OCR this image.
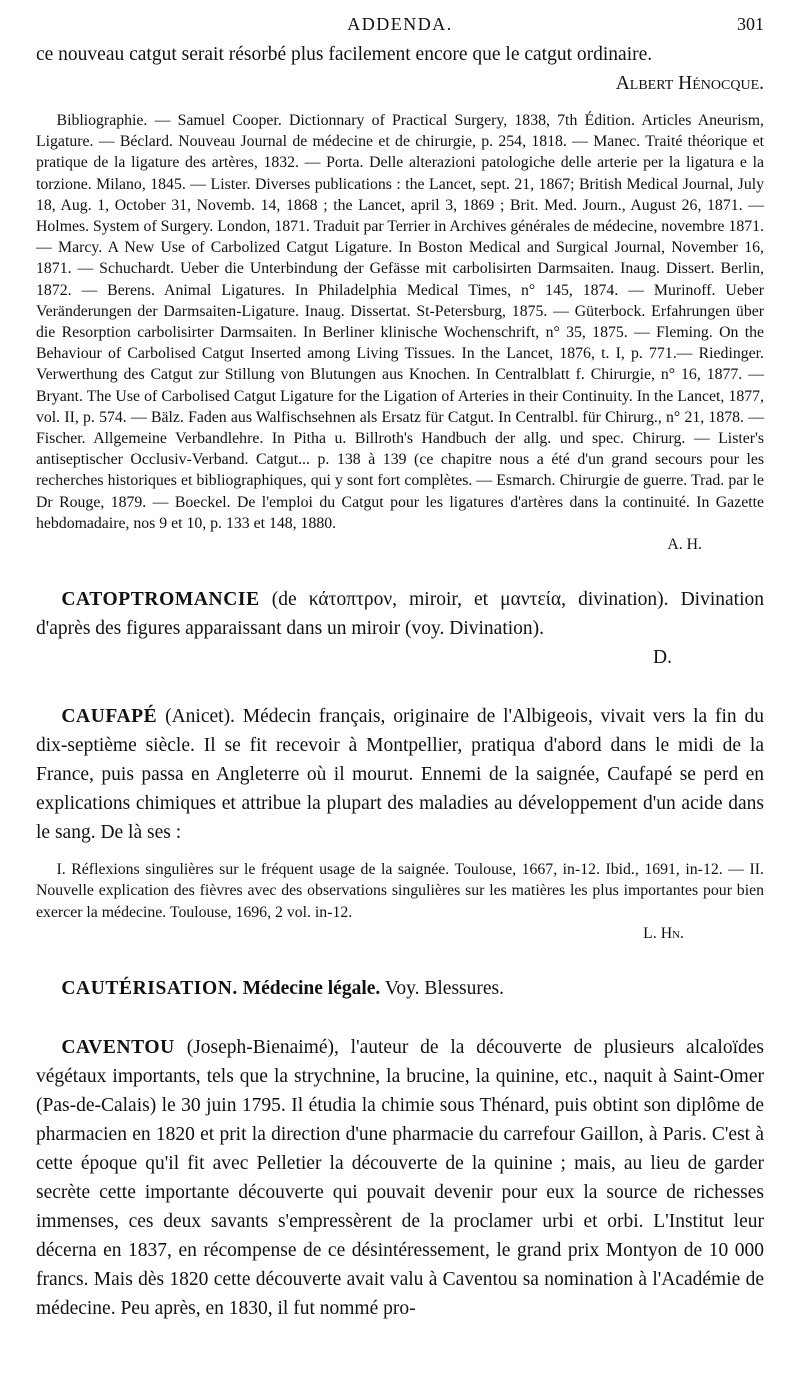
ADDENDA.	301

ce nouveau catgut serait résorbé plus facilement encore que le catgut ordinaire.

Albert Hénocque.

Bibliographie. — Samuel Cooper. Dictionnary of Practical Surgery, 1838, 7th Édition. Articles Aneurism, Ligature. — Béclard. Nouveau Journal de médecine et de chirurgie, p. 254, 1818. — Manec. Traité théorique et pratique de la ligature des artères, 1832. — Porta. Delle alterazioni patologiche delle arterie per la ligatura e la torzione. Milano, 1845. — Lister. Diverses publications : the Lancet, sept. 21, 1867; British Medical Journal, July 18, Aug. 1, October 31, Novemb. 14, 1868 ; the Lancet, april 3, 1869 ; Brit. Med. Journ., August 26, 1871. — Holmes. System of Surgery. London, 1871. Traduit par Terrier in Archives générales de médecine, novembre 1871. — Marcy. A New Use of Carbolized Catgut Ligature. In Boston Medical and Surgical Journal, November 16, 1871. — Schuchardt. Ueber die Unterbindung der Gefässe mit carbolisirten Darmsaiten. Inaug. Dissert. Berlin, 1872. — Berens. Animal Ligatures. In Philadelphia Medical Times, n° 145, 1874. — Murinoff. Ueber Veränderungen der Darmsaiten-Ligature. Inaug. Dissertat. St-Petersburg, 1875. — Güterbock. Erfahrungen über die Resorption carbolisirter Darmsaiten. In Berliner klinische Wochenschrift, n° 35, 1875. — Fleming. On the Behaviour of Carbolised Catgut Inserted among Living Tissues. In the Lancet, 1876, t. I, p. 771.— Riedinger. Verwerthung des Catgut zur Stillung von Blutungen aus Knochen. In Centralblatt f. Chirurgie, n° 16, 1877. — Bryant. The Use of Carbolised Catgut Ligature for the Ligation of Arteries in their Continuity. In the Lancet, 1877, vol. II, p. 574. — Bälz. Faden aus Walfischsehnen als Ersatz für Catgut. In Centralbl. für Chirurg., n° 21, 1878. — Fischer. Allgemeine Verbandlehre. In Pitha u. Billroth's Handbuch der allg. und spec. Chirurg. — Lister's antiseptischer Occlusiv-Verband. Catgut... p. 138 à 139 (ce chapitre nous a été d'un grand secours pour les recherches historiques et bibliographiques, qui y sont fort complètes. — Esmarch. Chirurgie de guerre. Trad. par le Dr Rouge, 1879. — Boeckel. De l'emploi du Catgut pour les ligatures d'artères dans la continuité. In Gazette hebdomadaire, nos 9 et 10, p. 133 et 148, 1880.

A. H.

CATOPTROMANCIE (de κάτοπτρον, miroir, et μαντεία, divination). Divination d'après des figures apparaissant dans un miroir (voy. Divination).

D.

CAUFAPÉ (Anicet). Médecin français, originaire de l'Albigeois, vivait vers la fin du dix-septième siècle. Il se fit recevoir à Montpellier, pratiqua d'abord dans le midi de la France, puis passa en Angleterre où il mourut. Ennemi de la saignée, Caufapé se perd en explications chimiques et attribue la plupart des maladies au développement d'un acide dans le sang. De là ses :

I. Réflexions singulières sur le fréquent usage de la saignée. Toulouse, 1667, in-12. Ibid., 1691, in-12. — II. Nouvelle explication des fièvres avec des observations singulières sur les matières les plus importantes pour bien exercer la médecine. Toulouse, 1696, 2 vol. in-12.

L. Hn.

CAUTÉRISATION. Médecine légale. Voy. Blessures.

CAVENTOU (Joseph-Bienaimé), l'auteur de la découverte de plusieurs alcaloïdes végétaux importants, tels que la strychnine, la brucine, la quinine, etc., naquit à Saint-Omer (Pas-de-Calais) le 30 juin 1795. Il étudia la chimie sous Thénard, puis obtint son diplôme de pharmacien en 1820 et prit la direction d'une pharmacie du carrefour Gaillon, à Paris. C'est à cette époque qu'il fit avec Pelletier la découverte de la quinine ; mais, au lieu de garder secrète cette importante découverte qui pouvait devenir pour eux la source de richesses immenses, ces deux savants s'empressèrent de la proclamer urbi et orbi. L'Institut leur décerna en 1837, en récompense de ce désintéressement, le grand prix Montyon de 10 000 francs. Mais dès 1820 cette découverte avait valu à Caventou sa nomination à l'Académie de médecine. Peu après, en 1830, il fut nommé pro-
